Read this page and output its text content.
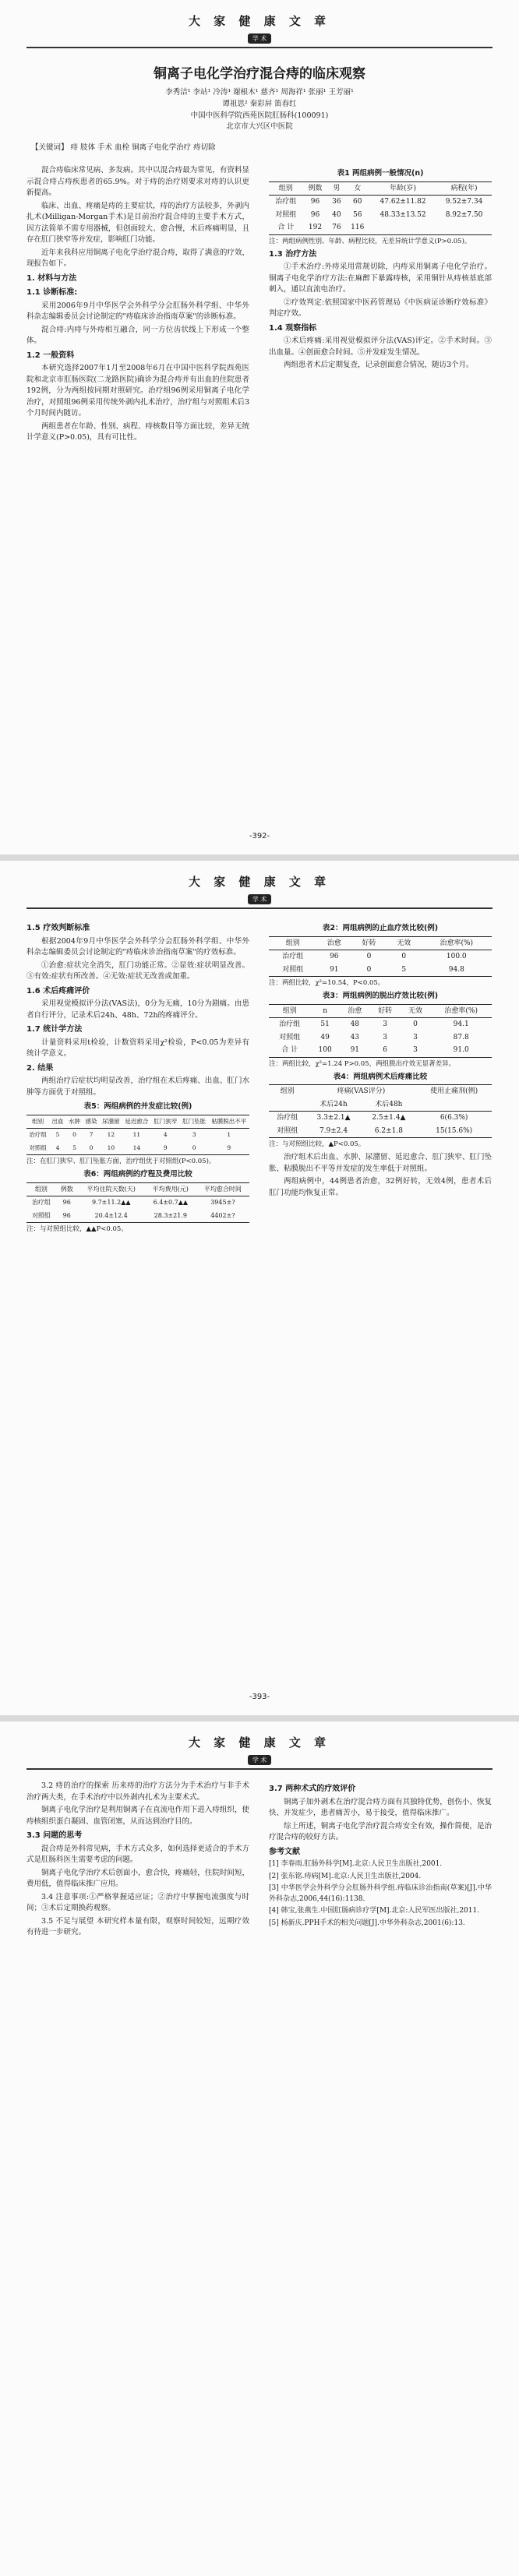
大 家 健 康 文 章
学 术
铜离子电化学治疗混合痔的临床观察
李秀洁¹ 李站¹ 冷涛¹ 谢根木¹ 慈齐¹ 周海祥¹ 张丽¹ 王芳丽¹
谭祖思² 秦彩屏 笛春红
中国中医科学院西苑医院肛肠科(100091)
北京市大兴区中医院
【关键词】 痔 肢体 手术 血栓 铜离子电化学治疗 痔切除

混合痔临床常见病、多发病。其中以混合痔最为常见，有资料显示混合痔占痔疾患者的65.9%。对于痔的治疗则要求对痔的认识更新提高。

临床、出血、疼痛是痔的主要症状，痔的治疗方法较多，外剥内扎术(Milligan-Morgan手术)是目前治疗混合痔的主要手术方式，因方法简单不需专用器械，但创面较大、愈合慢，术后疼痛明显，且存在肛门狭窄等并发症，影响肛门功能。

近年来我科应用铜离子电化学治疗混合痔，取得了满意的疗效，现报告如下。

1. 材料与方法
1.1 诊断标准:

采用2006年9月中华医学会外科学分会肛肠外科学组、中华外科杂志编辑委员会讨论制定的"痔临床诊治指南草案"的诊断标准。

混合痔:内痔与外痔相互融合，同一方位齿状线上下形成一个整体。

1.2 一般资料

本研究选择2007年1月至2008年6月在中国中医科学院西苑医院和北京市肛肠医院(二龙路医院)确诊为混合痔并有出血的住院患者192例，分为两组按同期对照研究。治疗组96例采用铜离子电化学治疗，对照组96例采用传统外剥内扎术治疗，治疗组与对照组术后3个月时间内随访。

两组患者在年龄、性别、病程、痔核数目等方面比较，差异无统计学意义(P>0.05)，具有可比性。

表1 两组病例一般情况(n)
组别	例数	男	女	年龄(岁)	病程(年)
治疗组	96	36	60	47.62±11.82	9.52±7.34
对照组	96	40	56	48.33±13.52	8.92±7.50
合 计	192	76	116		
注：两组病例性别、年龄、病程比较，无差异统计学意义(P>0.05)。
1.3 治疗方法

①手术治疗:外痔采用常规切除，内痔采用铜离子电化学治疗。铜离子电化学治疗方法:在麻醉下暴露痔核，采用铜针从痔核基底部刺入，通以直流电治疗。

②疗效判定:依照国家中医药管理局《中医病证诊断疗效标准》判定疗效。

1.4 观察指标

①术后疼痛:采用视觉模拟评分法(VAS)评定。②手术时间。③出血量。④创面愈合时间。⑤并发症发生情况。

两组患者术后定期复查，记录创面愈合情况，随访3个月。

-392-
大 家 健 康 文 章
学 术
1.5 疗效判断标准

根据2004年9月中华医学会外科学分会肛肠外科学组、中华外科杂志编辑委员会讨论制定的"痔临床诊治指南草案"的疗效标准。

①治愈:症状完全消失，肛门功能正常。②显效:症状明显改善。③有效:症状有所改善。④无效:症状无改善或加重。

1.6 术后疼痛评价

采用视觉模拟评分法(VAS法)，0分为无痛，10分为剧痛。由患者自行评分，记录术后24h、48h、72h的疼痛评分。

1.7 统计学方法

计量资料采用t检验，计数资料采用χ²检验，P<0.05为差异有统计学意义。

2. 结果

两组治疗后症状均明显改善，治疗组在术后疼痛、出血、肛门水肿等方面优于对照组。

表5：两组病例的并发症比较(例)
组别	出血	水肿	感染	尿潴留	延迟愈合	肛门狭窄	肛门坠胀	粘膜脱出不平
治疗组	5	0	7	12	11	4	3	1
对照组	4	5	0	10	14	9	0	9
注：在肛门狭窄、肛门坠胀方面，治疗组优于对照组(P<0.05)。
表6：两组病例的疗程及费用比较
组别	例数	平均住院天数(天)	平均费用(元)	平均愈合时间
治疗组	96	9.7±11.2▲▲	6.4±0.7▲▲	3945±?
对照组	96	20.4±12.4	28.3±21.9	4402±?
注：与对照组比较，▲▲P<0.05。
表2：两组病例的止血疗效比较(例)
组别	治愈	好转	无效	治愈率(%)
治疗组	96	0	0	100.0
对照组	91	0	5	94.8
注：两组比较，χ²=10.54，P<0.05。
表3：两组病例的脱出疗效比较(例)
组别	n	治愈	好转	无效	治愈率(%)
治疗组	51	48	3	0	94.1
对照组	49	43	3	3	87.8
合 计	100	91	6	3	91.0
注：两组比较，χ²=1.24 P>0.05，两组脱出疗效无显著差异。
表4：两组病例术后疼痛比较
组别	疼痛(VAS评分)		使用止痛剂(例)
	术后24h	术后48h	
治疗组	3.3±2.1▲	2.5±1.4▲	6(6.3%)
对照组	7.9±2.4	6.2±1.8	15(15.6%)
注：与对照组比较，▲P<0.05。

治疗组术后出血、水肿、尿潴留、延迟愈合、肛门狭窄、肛门坠胀、粘膜脱出不平等并发症的发生率低于对照组。

两组病例中，44例患者治愈，32例好转，无效4例，患者术后肛门功能均恢复正常。

-393-
大 家 健 康 文 章
学 术

3.2 痔的治疗的探索 历来痔的治疗方法分为手术治疗与非手术治疗两大类，在手术治疗中以外剥内扎术为主要术式。

铜离子电化学治疗是利用铜离子在直流电作用下进入痔组织，使痔核组织蛋白凝固、血管闭塞，从而达到治疗目的。

3.3 问题的思考

混合痔是外科常见病，手术方式众多，如何选择更适合的手术方式是肛肠科医生需要考虑的问题。

铜离子电化学治疗术后创面小，愈合快，疼痛轻，住院时间短，费用低，值得临床推广应用。

3.4 注意事项:①严格掌握适应证；②治疗中掌握电流强度与时间；③术后定期换药观察。

3.5 不足与展望 本研究样本量有限，观察时间较短，远期疗效有待进一步研究。

3.7 两种术式的疗效评价

铜离子加外剥术在治疗混合痔方面有其独特优势，创伤小、恢复快、并发症少，患者痛苦小，易于接受，值得临床推广。

综上所述，铜离子电化学治疗混合痔安全有效，操作简便，是治疗混合痔的较好方法。

参考文献

[1] 李春雨.肛肠外科学[M].北京:人民卫生出版社,2001.

[2] 张东铭.痔病[M].北京:人民卫生出版社,2004.

[3] 中华医学会外科学分会肛肠外科学组.痔临床诊治指南(草案)[J].中华外科杂志,2006,44(16):1138.

[4] 韩宝,张燕生.中国肛肠病诊疗学[M].北京:人民军医出版社,2011.

[5] 杨新庆.PPH手术的相关问题[J].中华外科杂志,2001(6):13.
